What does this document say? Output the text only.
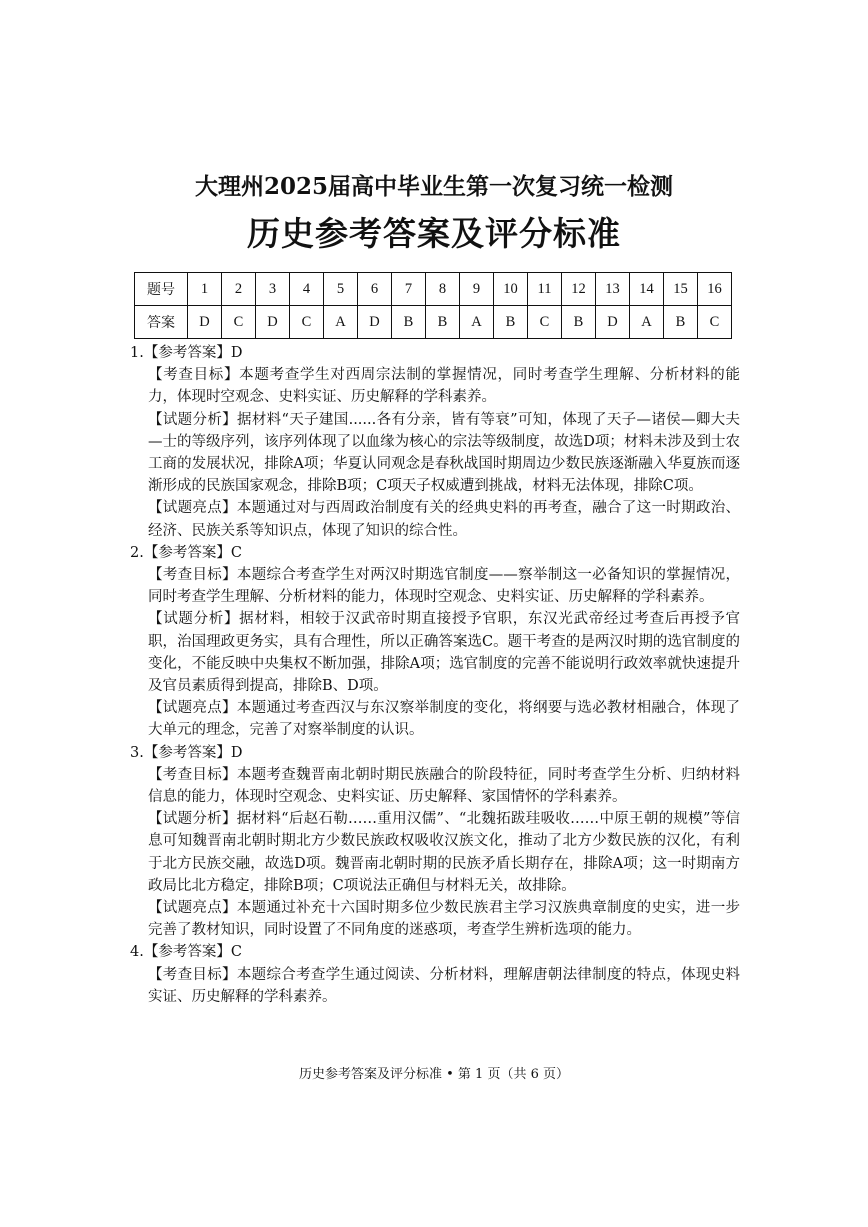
大理州2025届高中毕业生第一次复习统一检测
历史参考答案及评分标准
题号	1	2	3	4	5	6	7	8	9	10	11	12	13	14	15	16
答案	D	C	D	C	A	D	B	B	A	B	C	B	D	A	B	C
1.【参考答案】D
【考查目标】本题考查学生对西周宗法制的掌握情况，同时考查学生理解、分析材料的能力，体现时空观念、史料实证、历史解释的学科素养。
【试题分析】据材料“天子建国......各有分亲，皆有等衰”可知，体现了天子—诸侯—卿大夫—士的等级序列，该序列体现了以血缘为核心的宗法等级制度，故选D项；材料未涉及到士农工商的发展状况，排除A项；华夏认同观念是春秋战国时期周边少数民族逐渐融入华夏族而逐渐形成的民族国家观念，排除B项；C项天子权威遭到挑战，材料无法体现，排除C项。
【试题亮点】本题通过对与西周政治制度有关的经典史料的再考查，融合了这一时期政治、经济、民族关系等知识点，体现了知识的综合性。
2.【参考答案】C
【考查目标】本题综合考查学生对两汉时期选官制度——察举制这一必备知识的掌握情况，同时考查学生理解、分析材料的能力，体现时空观念、史料实证、历史解释的学科素养。
【试题分析】据材料，相较于汉武帝时期直接授予官职，东汉光武帝经过考查后再授予官职，治国理政更务实，具有合理性，所以正确答案选C。题干考查的是两汉时期的选官制度的变化，不能反映中央集权不断加强，排除A项；选官制度的完善不能说明行政效率就快速提升及官员素质得到提高，排除B、D项。
【试题亮点】本题通过考查西汉与东汉察举制度的变化，将纲要与选必教材相融合，体现了大单元的理念，完善了对察举制度的认识。
3.【参考答案】D
【考查目标】本题考查魏晋南北朝时期民族融合的阶段特征，同时考查学生分析、归纳材料信息的能力，体现时空观念、史料实证、历史解释、家国情怀的学科素养。
【试题分析】据材料“后赵石勒……重用汉儒”、“北魏拓跋珪吸收……中原王朝的规模”等信息可知魏晋南北朝时期北方少数民族政权吸收汉族文化，推动了北方少数民族的汉化，有利于北方民族交融，故选D项。魏晋南北朝时期的民族矛盾长期存在，排除A项；这一时期南方政局比北方稳定，排除B项；C项说法正确但与材料无关，故排除。
【试题亮点】本题通过补充十六国时期多位少数民族君主学习汉族典章制度的史实，进一步完善了教材知识，同时设置了不同角度的迷惑项，考查学生辨析选项的能力。
4.【参考答案】C
【考查目标】本题综合考查学生通过阅读、分析材料，理解唐朝法律制度的特点，体现史料实证、历史解释的学科素养。
历史参考答案及评分标准 • 第 1 页（共 6 页）
